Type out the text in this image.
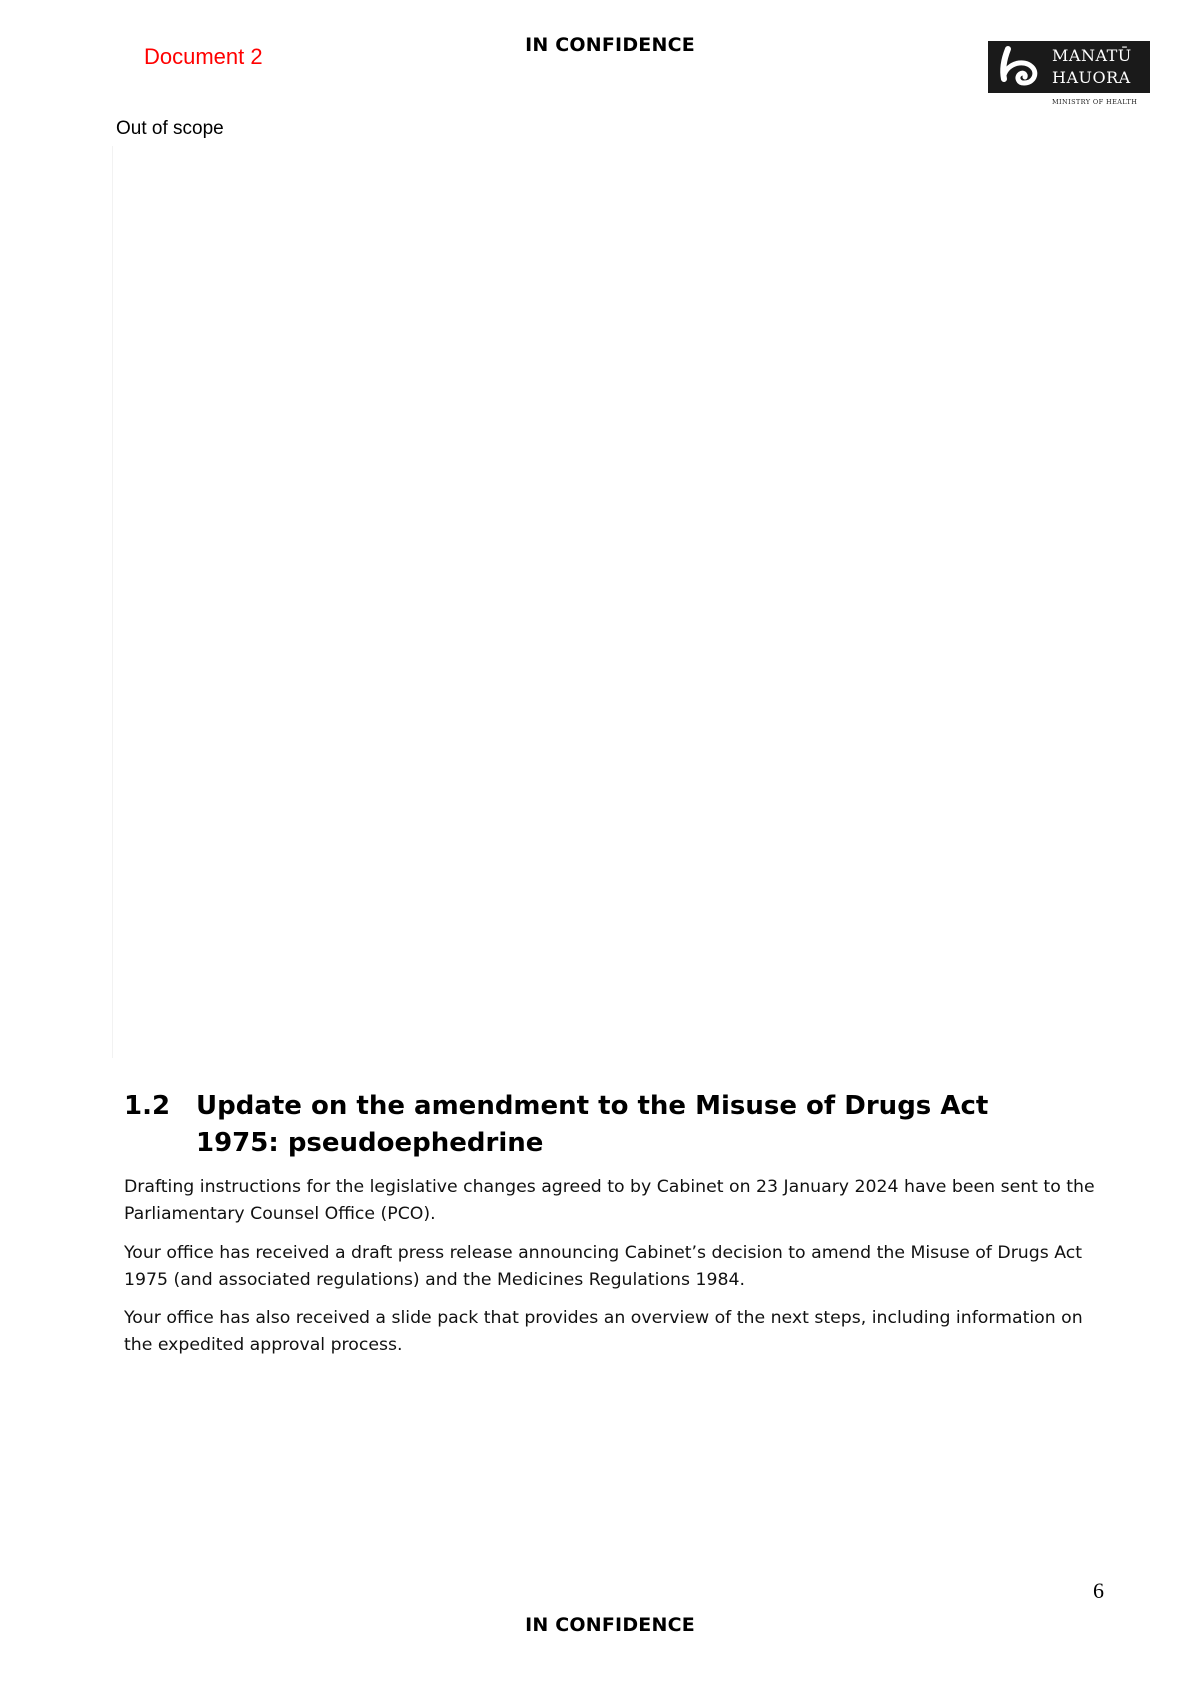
Document 2	IN CONFIDENCE	MANATŪ
HAUORA
MINISTRY OF HEALTH
Out of scope
1.2 Update on the amendment to the Misuse of Drugs Act 1975: pseudoephedrine

Drafting instructions for the legislative changes agreed to by Cabinet on 23 January 2024 have been sent to the Parliamentary Counsel Office (PCO).

Your office has received a draft press release announcing Cabinet’s decision to amend the Misuse of Drugs Act 1975 (and associated regulations) and the Medicines Regulations 1984.

Your office has also received a slide pack that provides an overview of the next steps, including information on the expedited approval process.

6
IN CONFIDENCE
